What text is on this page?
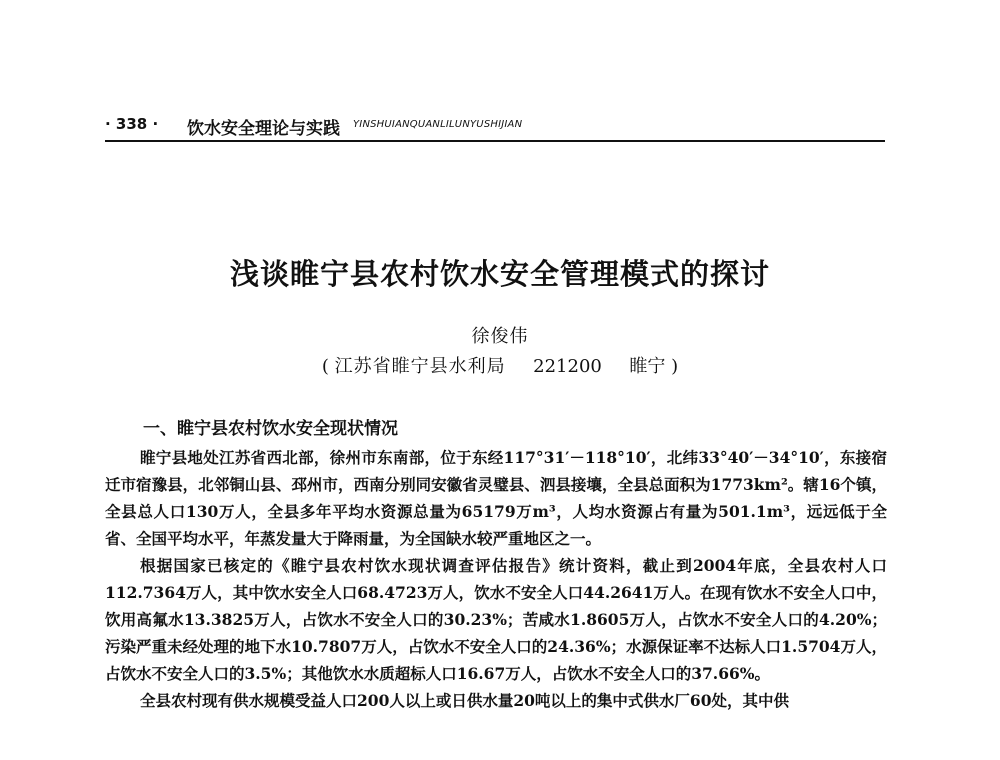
· 338 · 饮水安全理论与实践 YINSHUIANQUANLILUNYUSHIJIAN
浅谈睢宁县农村饮水安全管理模式的探讨
徐俊伟
( 江苏省睢宁县水利局 221200 睢宁 )
一、睢宁县农村饮水安全现状情况

睢宁县地处江苏省西北部，徐州市东南部，位于东经117°31′－118°10′，北纬33°40′－34°10′，东接宿迁市宿豫县，北邻铜山县、邳州市，西南分别同安徽省灵璧县、泗县接壤，全县总面积为1773km²。辖16个镇，全县总人口130万人，全县多年平均水资源总量为65179万m³，人均水资源占有量为501.1m³，远远低于全省、全国平均水平，年蒸发量大于降雨量，为全国缺水较严重地区之一。

根据国家已核定的《睢宁县农村饮水现状调查评估报告》统计资料，截止到2004年底，全县农村人口112.7364万人，其中饮水安全人口68.4723万人，饮水不安全人口44.2641万人。在现有饮水不安全人口中，饮用高氟水13.3825万人，占饮水不安全人口的30.23%；苦咸水1.8605万人，占饮水不安全人口的4.20%；污染严重未经处理的地下水10.7807万人，占饮水不安全人口的24.36%；水源保证率不达标人口1.5704万人，占饮水不安全人口的3.5%；其他饮水水质超标人口16.67万人，占饮水不安全人口的37.66%。

全县农村现有供水规模受益人口200人以上或日供水量20吨以上的集中式供水厂60处，其中供
